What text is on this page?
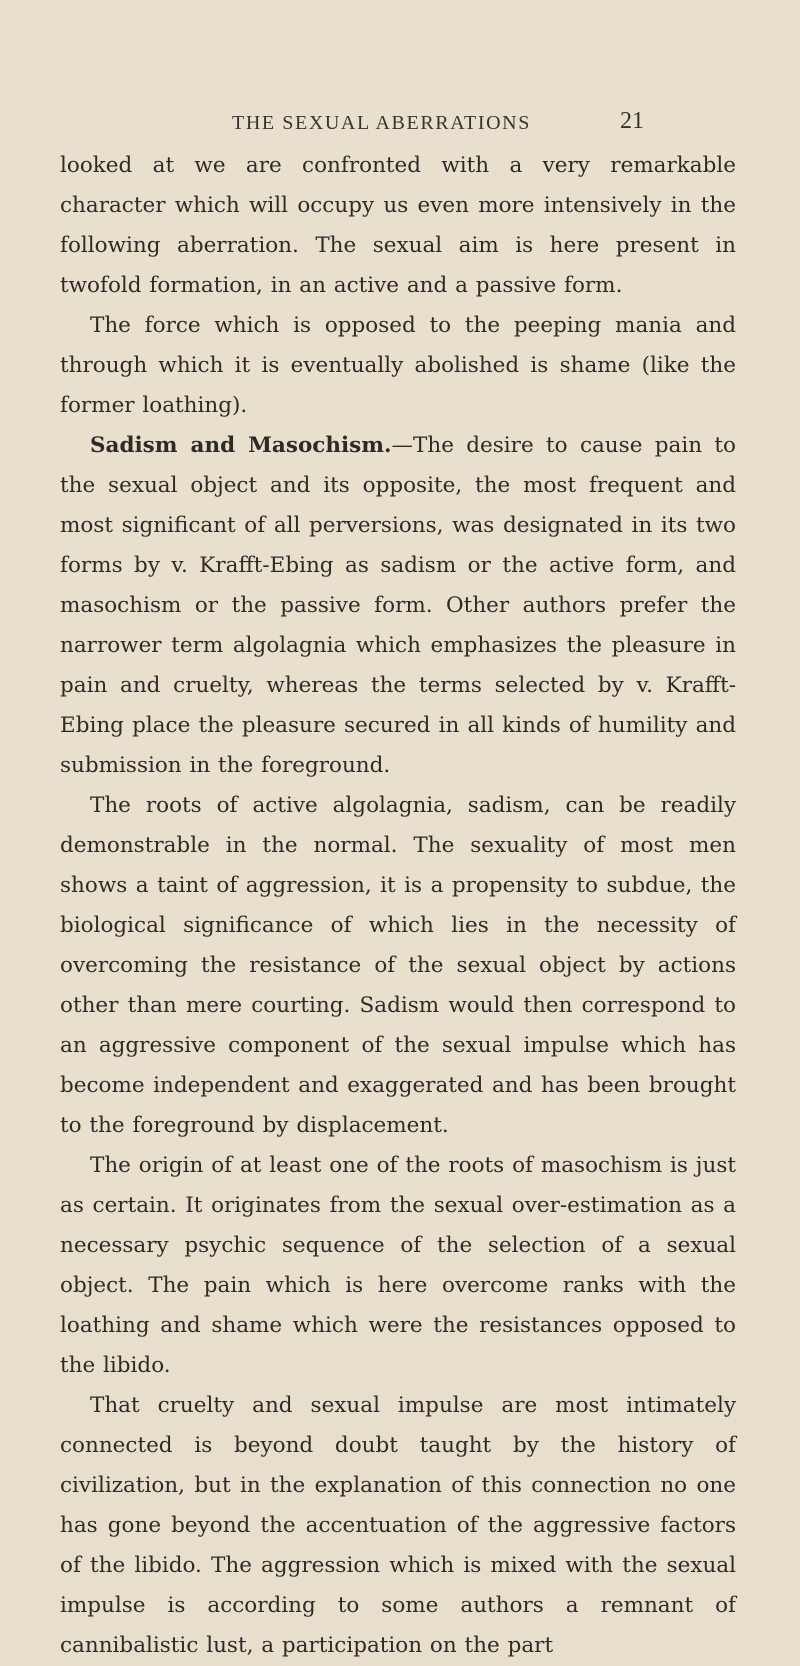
THE SEXUAL ABERRATIONS	21

looked at we are confronted with a very remarkable character which will occupy us even more intensively in the following aberration. The sexual aim is here present in twofold formation, in an active and a passive form.

The force which is opposed to the peeping mania and through which it is eventually abolished is shame (like the former loathing).

Sadism and Masochism.—The desire to cause pain to the sexual object and its opposite, the most frequent and most significant of all perversions, was designated in its two forms by v. Krafft-Ebing as sadism or the active form, and masochism or the passive form. Other authors prefer the narrower term algolagnia which emphasizes the pleasure in pain and cruelty, whereas the terms selected by v. Krafft-Ebing place the pleasure secured in all kinds of humility and submission in the foreground.

The roots of active algolagnia, sadism, can be readily demonstrable in the normal. The sexuality of most men shows a taint of aggression, it is a propensity to subdue, the biological significance of which lies in the necessity of overcoming the resistance of the sexual object by actions other than mere courting. Sadism would then correspond to an aggressive component of the sexual impulse which has become independent and exaggerated and has been brought to the foreground by displacement.

The origin of at least one of the roots of masochism is just as certain. It originates from the sexual over-estimation as a necessary psychic sequence of the selection of a sexual object. The pain which is here overcome ranks with the loathing and shame which were the resistances opposed to the libido.

That cruelty and sexual impulse are most intimately connected is beyond doubt taught by the history of civilization, but in the explanation of this connection no one has gone beyond the accentuation of the aggressive factors of the libido. The aggression which is mixed with the sexual impulse is according to some authors a remnant of cannibalistic lust, a participation on the part
